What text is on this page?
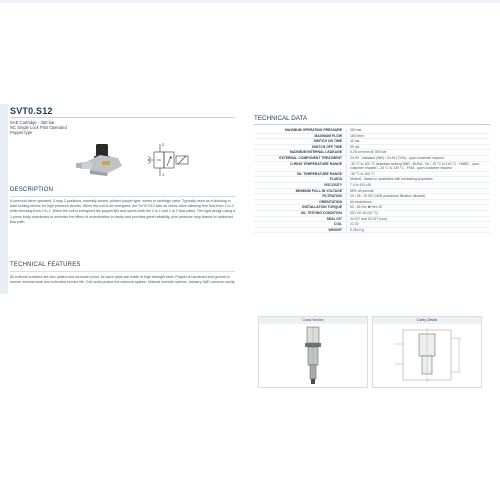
SVT0.S12
SAE Cartridge - 350 bar
NC Single Lock Pilot Operated
Poppet type
2
1
DESCRIPTION
A solenoid valve operated, 2-way 2-positions, normally closed, piloted poppet type, screw-in cartridge valve. Typically used as a blocking or load holding device for high pressure circuits. When the coil is de-energized, the SVT0.S12 acts as check valve allowing free flow from 1 to 2, while blocking from 2 to 1. When the coil is energized the poppet lifts and opens both the 2 to 1 and 1 to 2 flow paths. The rigid design using a 1-piece body contributes to minimise the effect of eccentricities in cavity and provides great reliability, plus pressure drop thanks to optimized flow path.
TECHNICAL FEATURES
All external surfaces are zinc plated and corrosion proof. All valve parts are made of high strength steel. Poppet is hardened and ground to ensure minimal wear and extended service life. Coil seals protect the solenoid system. Manual override options. Industry SAE common cavity.
TECHNICAL DATA
MAXIMUM OPERATING PRESSURE	350 bar
MAXIMUM FLOW	150 l/min
SWITCH ON TIME	40 ms
SWITCH OFF TIME	90 ms
MAXIMUM INTERNAL LEAKAGE	0,25 cm³/min @ 350 bar
EXTERNAL COMPONENT TREATMENT	Zn-Fe - standard (96h) / Zn-Ni (720h) - upon customer request
O-RING TEMPERATURE RANGE	-30 °C to 100 °C (standard sealing NBR - BUNA - N) / -25 °C to 140 °C - HNBR - upon customer request / -20 °C to 235 °C - FKM - upon customer request
OIL TEMPERATURE RANGE	-30 °C to 100 °C
FLUIDS	Mineral - based or synthetics with lubricating properties
VISCOSITY	7,4 to 420 cSt
MINIMUM PULL-IN VOLTAGE	85% of nominal
FILTRATION	20 / 18 / 15 ISO 4406 (maximum filtration allowed)
ORIENTATION	No restrictions
INSTALLATION TORQUE	60 - 65 Nm ✱ Hex 32
OIL TESTING CONDITION	ISO VG 46 (40 °C)
SEAL KIT	04.077 and 04.027 (con)
COIL	22.30
WEIGHT	0,254 Kg
Cross Section	Cavity Details
